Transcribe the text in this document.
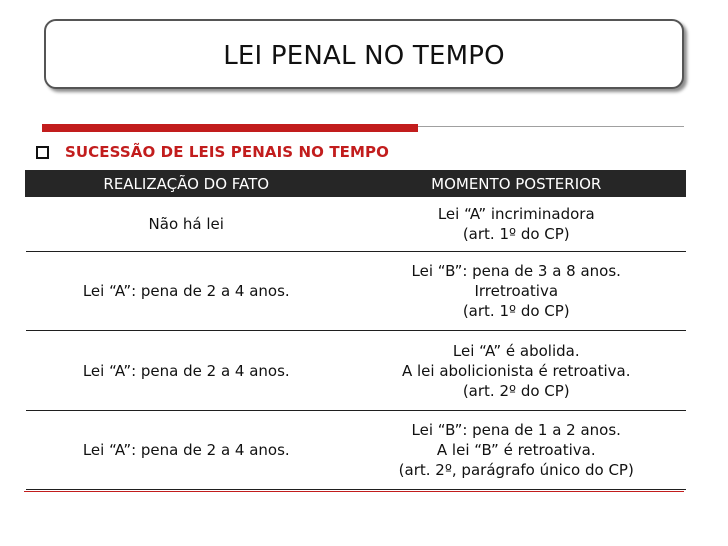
LEI PENAL NO TEMPO
SUCESSÃO DE LEIS PENAIS NO TEMPO
REALIZAÇÃO DO FATO	MOMENTO POSTERIOR
Não há lei	Lei “A” incriminadora
(art. 1º do CP)

Lei “A”: pena de 2 a 4 anos.	Lei “B”: pena de 3 a 8 anos.
Irretroativa
(art. 1º do CP)

Lei “A”: pena de 2 a 4 anos.	Lei “A” é abolida.
A lei abolicionista é retroativa.
(art. 2º do CP)

Lei “A”: pena de 2 a 4 anos.	Lei “B”: pena de 1 a 2 anos.
A lei “B” é retroativa.
(art. 2º, parágrafo único do CP)
